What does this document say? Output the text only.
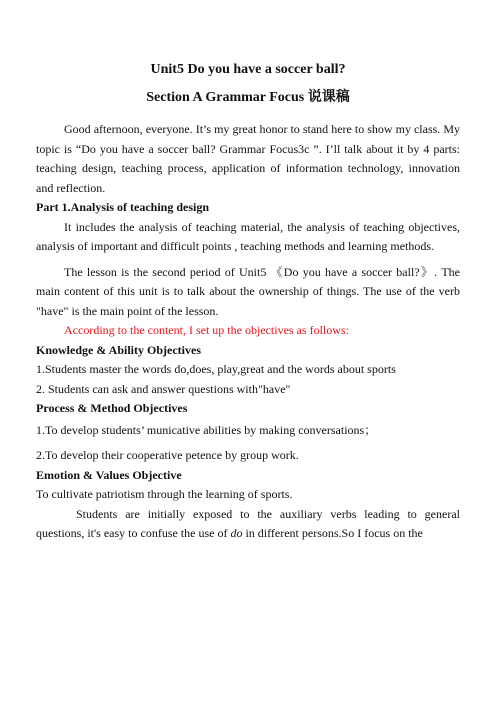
Unit5 Do you have a soccer ball?
Section A Grammar Focus 说课稿

Good afternoon, everyone. It’s my great honor to stand here to show my class. My topic is “Do you have a soccer ball? Grammar Focus3c ”. I’ll talk about it by 4 parts: teaching design, teaching process, application of information technology, innovation and reflection.

Part 1.Analysis of teaching design

It includes the analysis of teaching material, the analysis of teaching objectives, analysis of important and difficult points , teaching methods and learning methods.

The lesson is the second period of Unit5 《Do you have a soccer ball?》. The main content of this unit is to talk about the ownership of things. The use of the verb "have" is the main point of the lesson.

According to the content, I set up the objectives as follows:

Knowledge & Ability Objectives

1.Students master the words do,does, play,great and the words about sports

2. Students can ask and answer questions with"have"

Process & Method Objectives

1.To develop students’ municative abilities by making conversations；

2.To develop their cooperative petence by group work.

Emotion & Values Objective

To cultivate patriotism through the learning of sports.

Students are initially exposed to the auxiliary verbs leading to general questions, it's easy to confuse the use of do in different persons.So I focus on the
